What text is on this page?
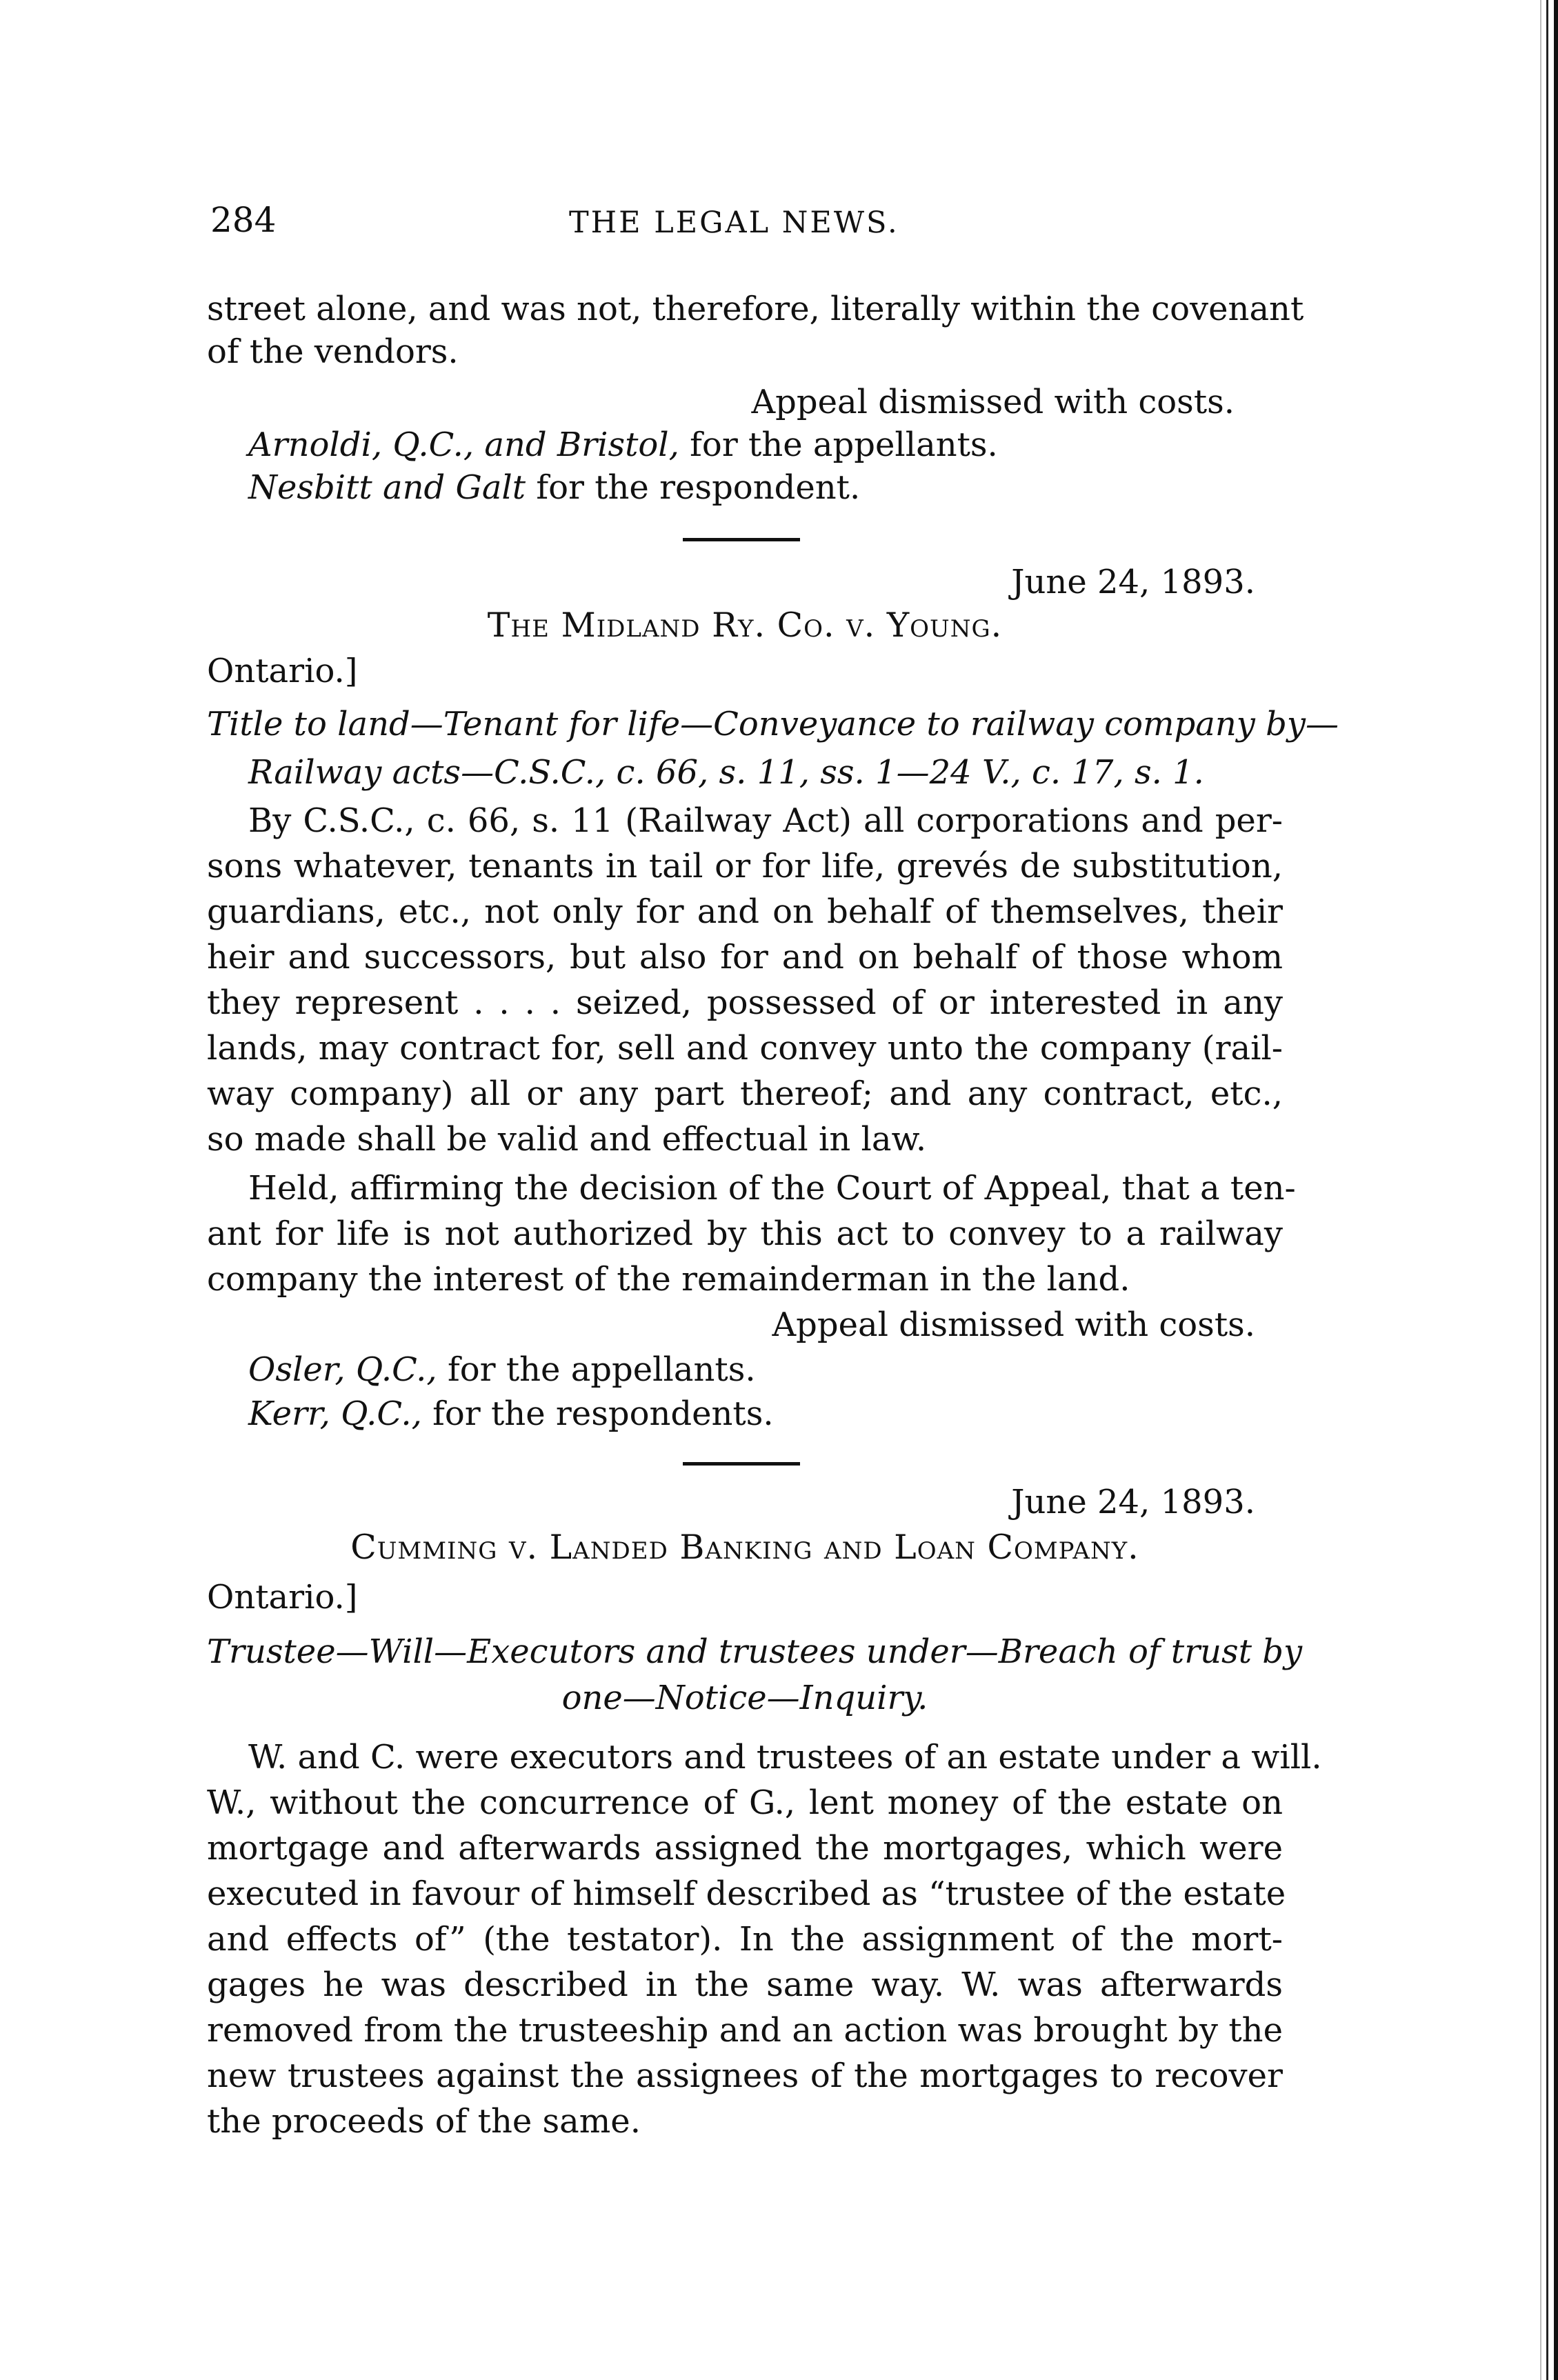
284	THE LEGAL NEWS.
street alone, and was not, therefore, literally within the covenant
of the vendors.
Appeal dismissed with costs.
Arnoldi, Q.C., and Bristol, for the appellants.
Nesbitt and Galt for the respondent.
June 24, 1893.
The Midland Ry. Co. v. Young.
Ontario.]
Title to land—Tenant for life—Conveyance to railway company by—
Railway acts—C.S.C., c. 66, s. 11, ss. 1—24 V., c. 17, s. 1.
By C.S.C., c. 66, s. 11 (Railway Act) all corporations and per-
sons whatever, tenants in tail or for life, grevés de substitution,
guardians, etc., not only for and on behalf of themselves, their
heir and successors, but also for and on behalf of those whom
they represent . . . . seized, possessed of or interested in any
lands, may contract for, sell and convey unto the company (rail-
way company) all or any part thereof; and any contract, etc.,
so made shall be valid and effectual in law.
Held, affirming the decision of the Court of Appeal, that a ten-
ant for life is not authorized by this act to convey to a railway
company the interest of the remainderman in the land.
Appeal dismissed with costs.
Osler, Q.C., for the appellants.
Kerr, Q.C., for the respondents.
June 24, 1893.
Cumming v. Landed Banking and Loan Company.
Ontario.]
Trustee—Will—Executors and trustees under—Breach of trust by
one—Notice—Inquiry.
W. and C. were executors and trustees of an estate under a will.
W., without the concurrence of G., lent money of the estate on
mortgage and afterwards assigned the mortgages, which were
executed in favour of himself described as “trustee of the estate
and effects of” (the testator). In the assignment of the mort-
gages he was described in the same way. W. was afterwards
removed from the trusteeship and an action was brought by the
new trustees against the assignees of the mortgages to recover
the proceeds of the same.
